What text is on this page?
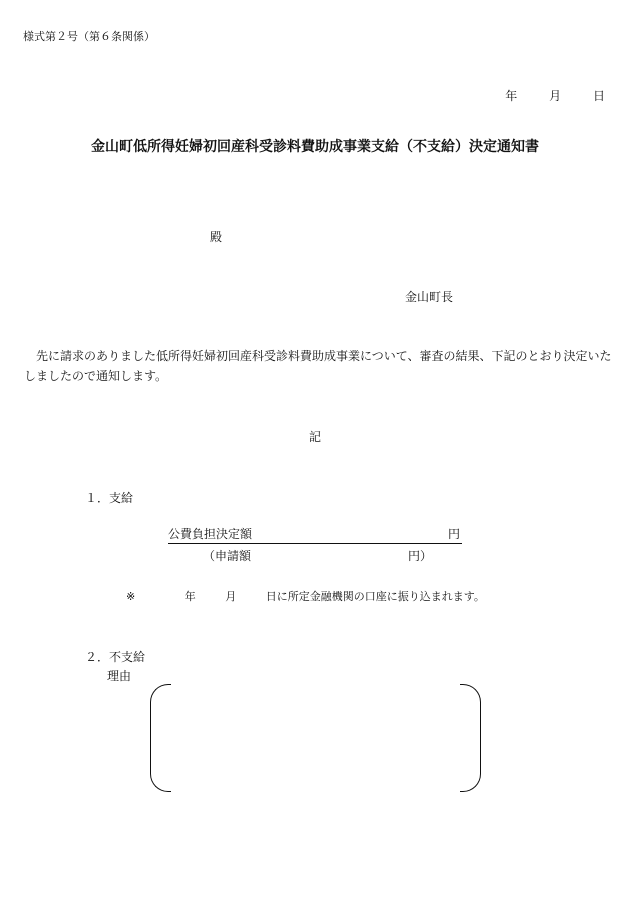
様式第２号（第６条関係）
年	月	日
金山町低所得妊婦初回産科受診料費助成事業支給（不支給）決定通知書
殿
金山町長
先に請求のありました低所得妊婦初回産科受診料費助成事業について、審査の結果、下記のとおり決定いたしましたので通知します。
記
１．支給
公費負担決定額	円
（申請額	円 ）
※	年	月	日に所定金融機関の口座に振り込まれます。
２．不支給
理由
